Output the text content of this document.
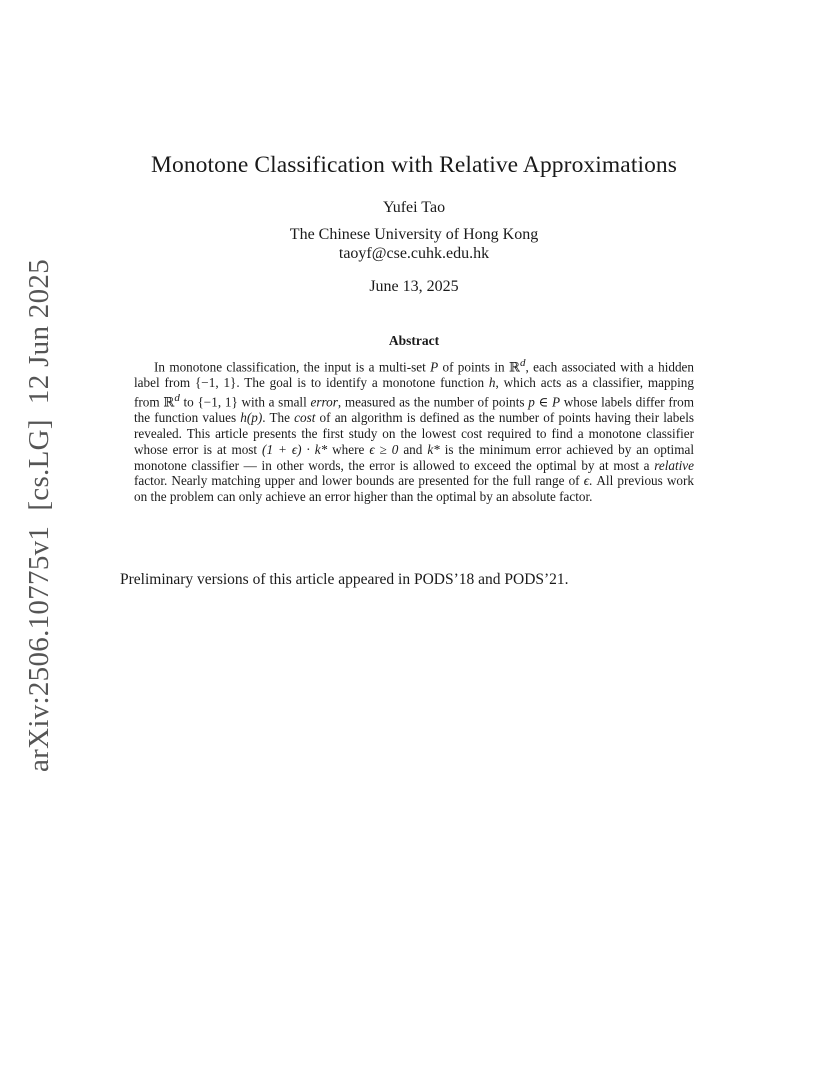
arXiv:2506.10775v1  [cs.LG]  12 Jun 2025
Monotone Classification with Relative Approximations
Yufei Tao
The Chinese University of Hong Kong
taoyf@cse.cuhk.edu.hk
June 13, 2025
Abstract

In monotone classification, the input is a multi-set P of points in ℝ$^d$, each associated with a hidden label from {−1, 1}. The goal is to identify a monotone function h, which acts as a classifier, mapping from ℝ$^d$ to {−1, 1} with a small error, measured as the number of points p ∈ P whose labels differ from the function values h(p). The cost of an algorithm is defined as the number of points having their labels revealed. This article presents the first study on the lowest cost required to find a monotone classifier whose error is at most (1 + ϵ) · k* where ϵ ≥ 0 and k* is the minimum error achieved by an optimal monotone classifier — in other words, the error is allowed to exceed the optimal by at most a relative factor. Nearly matching upper and lower bounds are presented for the full range of ϵ. All previous work on the problem can only achieve an error higher than the optimal by an absolute factor.

Preliminary versions of this article appeared in PODS’18 and PODS’21.
